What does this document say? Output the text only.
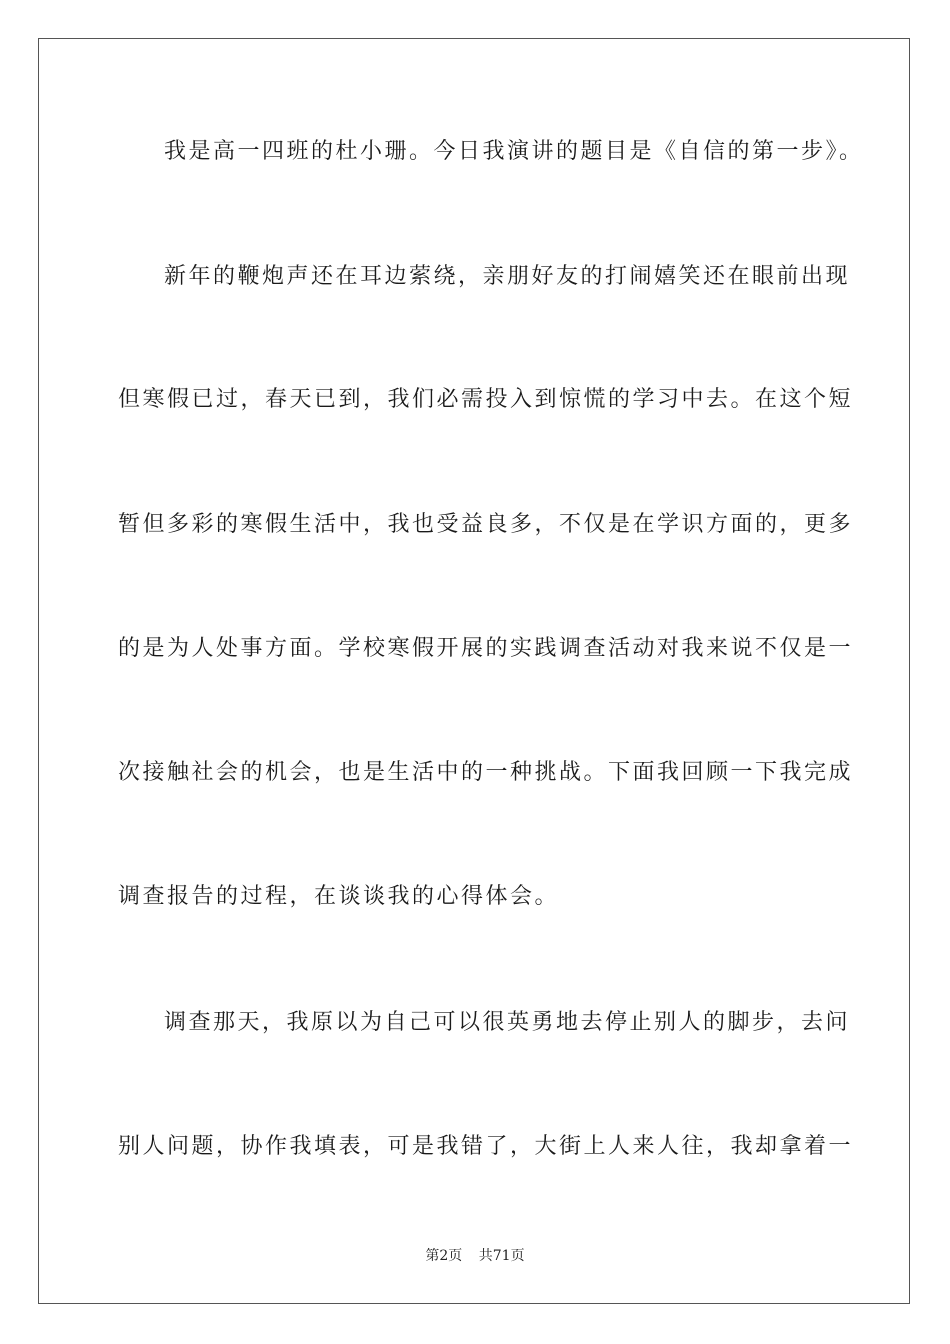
我是高一四班的杜小珊。今日我演讲的题目是《自信的第一步》。
新年的鞭炮声还在耳边萦绕，亲朋好友的打闹嬉笑还在眼前出现
但寒假已过，春天已到，我们必需投入到惊慌的学习中去。在这个短
暂但多彩的寒假生活中，我也受益良多，不仅是在学识方面的，更多
的是为人处事方面。学校寒假开展的实践调查活动对我来说不仅是一
次接触社会的机会，也是生活中的一种挑战。下面我回顾一下我完成
调查报告的过程，在谈谈我的心得体会。
调查那天，我原以为自己可以很英勇地去停止别人的脚步，去问
别人问题，协作我填表，可是我错了，大街上人来人往，我却拿着一
第2页 共71页
